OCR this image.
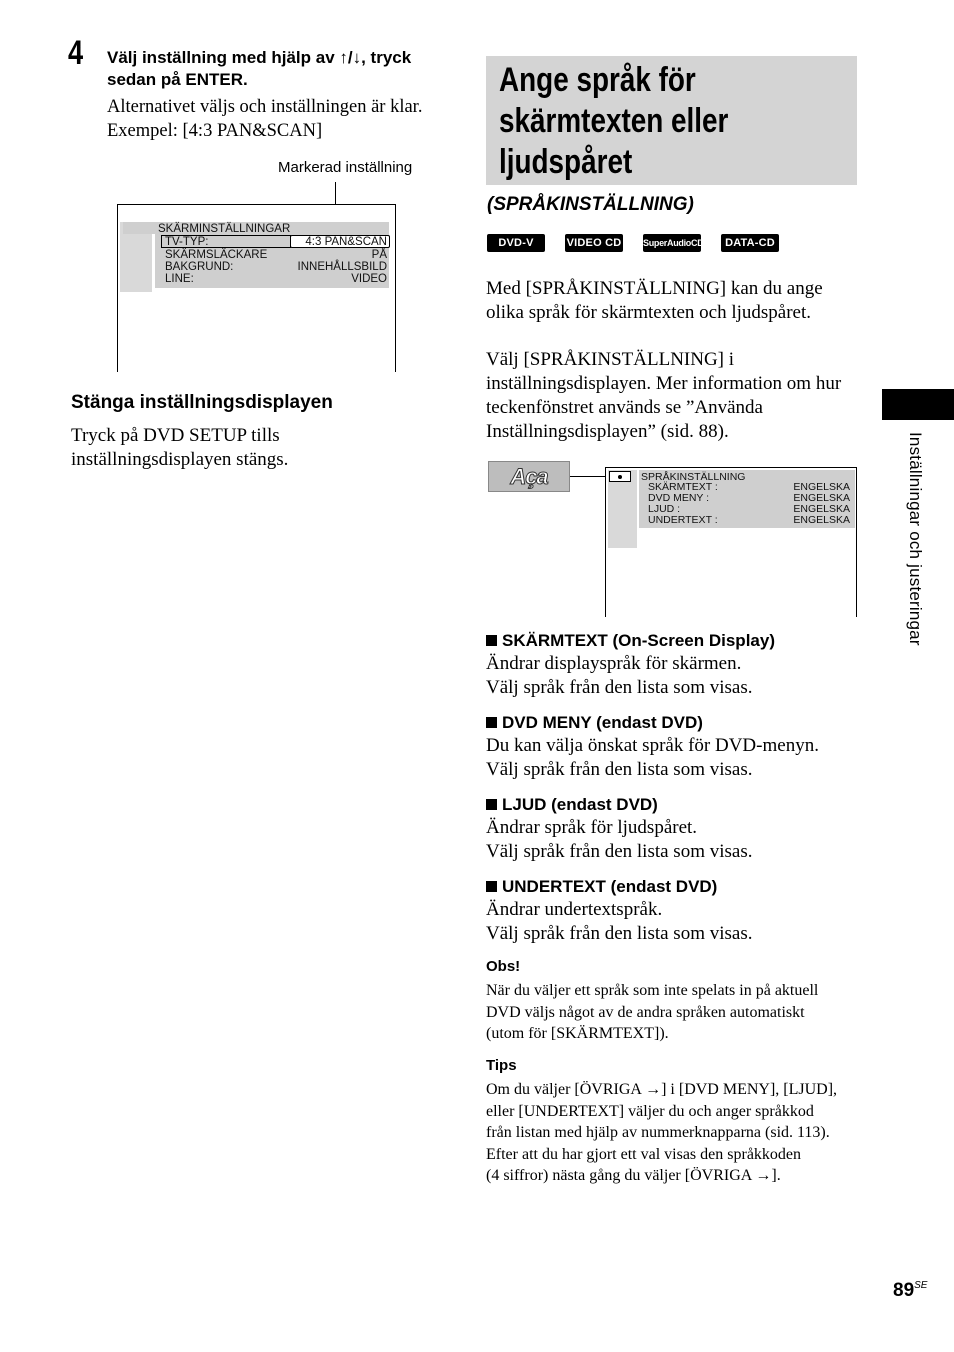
4 Välj inställning med hjälp av ↑/↓, tryck
sedan på ENTER.
Alternativet väljs och inställningen är klar.
Exempel: [4:3 PAN&SCAN]
Markerad inställning
SKÄRMINSTÄLLNINGAR
TV-TYP:	4:3 PAN&SCAN
SKÄRMSLÄCKARE	PÅ
BAKGRUND:	INNEHÅLLSBILD
LINE:	VIDEO
Stänga inställningsdisplayen
Tryck på DVD SETUP tills
inställningsdisplayen stängs.
Ange språk för
skärmtexten eller
ljudspåret
(SPRÅKINSTÄLLNING)
DVD-V	VIDEO CD SuperAudioCD	DATA-CD
Med [SPRÅKINSTÄLLNING] kan du ange
olika språk för skärmtexten och ljudspåret.
Välj [SPRÅKINSTÄLLNING] i
inställningsdisplayen. Mer information om hur
teckenfönstret används se ”Använda
Inställningsdisplayen” (sid. 88).
Aça	SPRÅKINSTÄLLNING
SKÄRMTEXT :	ENGELSKA
DVD MENY :	ENGELSKA
LJUD :	ENGELSKA
UNDERTEXT :	ENGELSKA
SKÄRMTEXT (On-Screen Display)
Ändrar displayspråk för skärmen.
Välj språk från den lista som visas.
DVD MENY (endast DVD)
Du kan välja önskat språk för DVD-menyn.
Välj språk från den lista som visas.
LJUD (endast DVD)
Ändrar språk för ljudspåret.
Välj språk från den lista som visas.
UNDERTEXT (endast DVD)
Ändrar undertextspråk.
Välj språk från den lista som visas.
Obs!
När du väljer ett språk som inte spelats in på aktuell
DVD väljs något av de andra språken automatiskt
(utom för [SKÄRMTEXT]).
Tips
Om du väljer [ÖVRIGA →] i [DVD MENY], [LJUD],
eller [UNDERTEXT] väljer du och anger språkkod
från listan med hjälp av nummerknapparna (sid. 113).
Efter att du har gjort ett val visas den språkkoden
(4 siffror) nästa gång du väljer [ÖVRIGA →].
Inställningar och justeringar
$89^{SE}$
